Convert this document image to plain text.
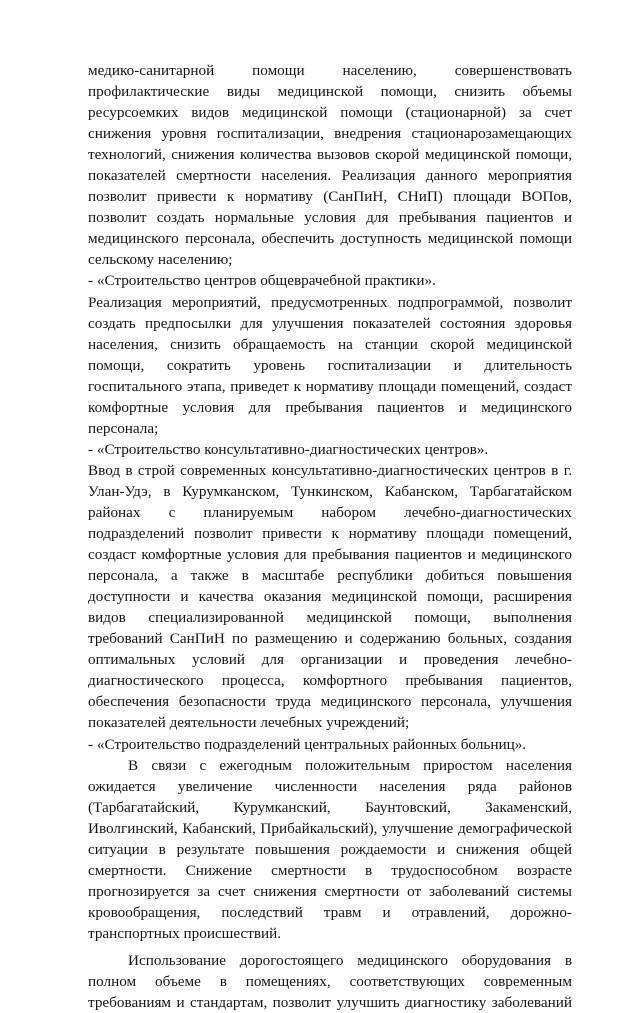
медико-санитарной помощи населению, совершенствовать
профилактические виды медицинской помощи, снизить объемы
ресурсоемких видов медицинской помощи (стационарной) за счет
снижения уровня госпитализации, внедрения стационарозамещающих
технологий, снижения количества вызовов скорой медицинской помощи,
показателей смертности населения. Реализация данного мероприятия
позволит привести к нормативу (СанПиН, СНиП) площади ВОПов,
позволит создать нормальные условия для пребывания пациентов и
медицинского персонала, обеспечить доступность медицинской помощи
сельскому населению;
- «Строительство центров общеврачебной практики».
Реализация мероприятий, предусмотренных подпрограммой, позволит
создать предпосылки для улучшения показателей состояния здоровья
населения, снизить обращаемость на станции скорой медицинской
помощи, сократить уровень госпитализации и длительность
госпитального этапа, приведет к нормативу площади помещений, создаст
комфортные условия для пребывания пациентов и медицинского
персонала;
- «Строительство консультативно-диагностических центров».
Ввод в строй современных консультативно-диагностических центров в г.
Улан-Удэ, в Курумканском, Тункинском, Кабанском, Тарбагатайском
районах с планируемым набором лечебно-диагностических
подразделений позволит привести к нормативу площади помещений,
создаст комфортные условия для пребывания пациентов и медицинского
персонала, а также в масштабе республики добиться повышения
доступности и качества оказания медицинской помощи, расширения
видов специализированной медицинской помощи, выполнения
требований СанПиН по размещению и содержанию больных, создания
оптимальных условий для организации и проведения лечебно-
диагностического процесса, комфортного пребывания пациентов,
обеспечения безопасности труда медицинского персонала, улучшения
показателей деятельности лечебных учреждений;
- «Строительство подразделений центральных районных больниц».
В связи с ежегодным положительным приростом населения
ожидается увеличение численности населения ряда районов
(Тарбагатайский, Курумканский, Баунтовский, Закаменский,
Иволгинский, Кабанский, Прибайкальский), улучшение демографической
ситуации в результате повышения рождаемости и снижения общей
смертности. Снижение смертности в трудоспособном возрасте
прогнозируется за счет снижения смертности от заболеваний системы
кровообращения, последствий травм и отравлений, дорожно-
транспортных происшествий.
Использование дорогостоящего медицинского оборудования в
полном объеме в помещениях, соответствующих современным
требованиям и стандартам, позволит улучшить диагностику заболеваний
